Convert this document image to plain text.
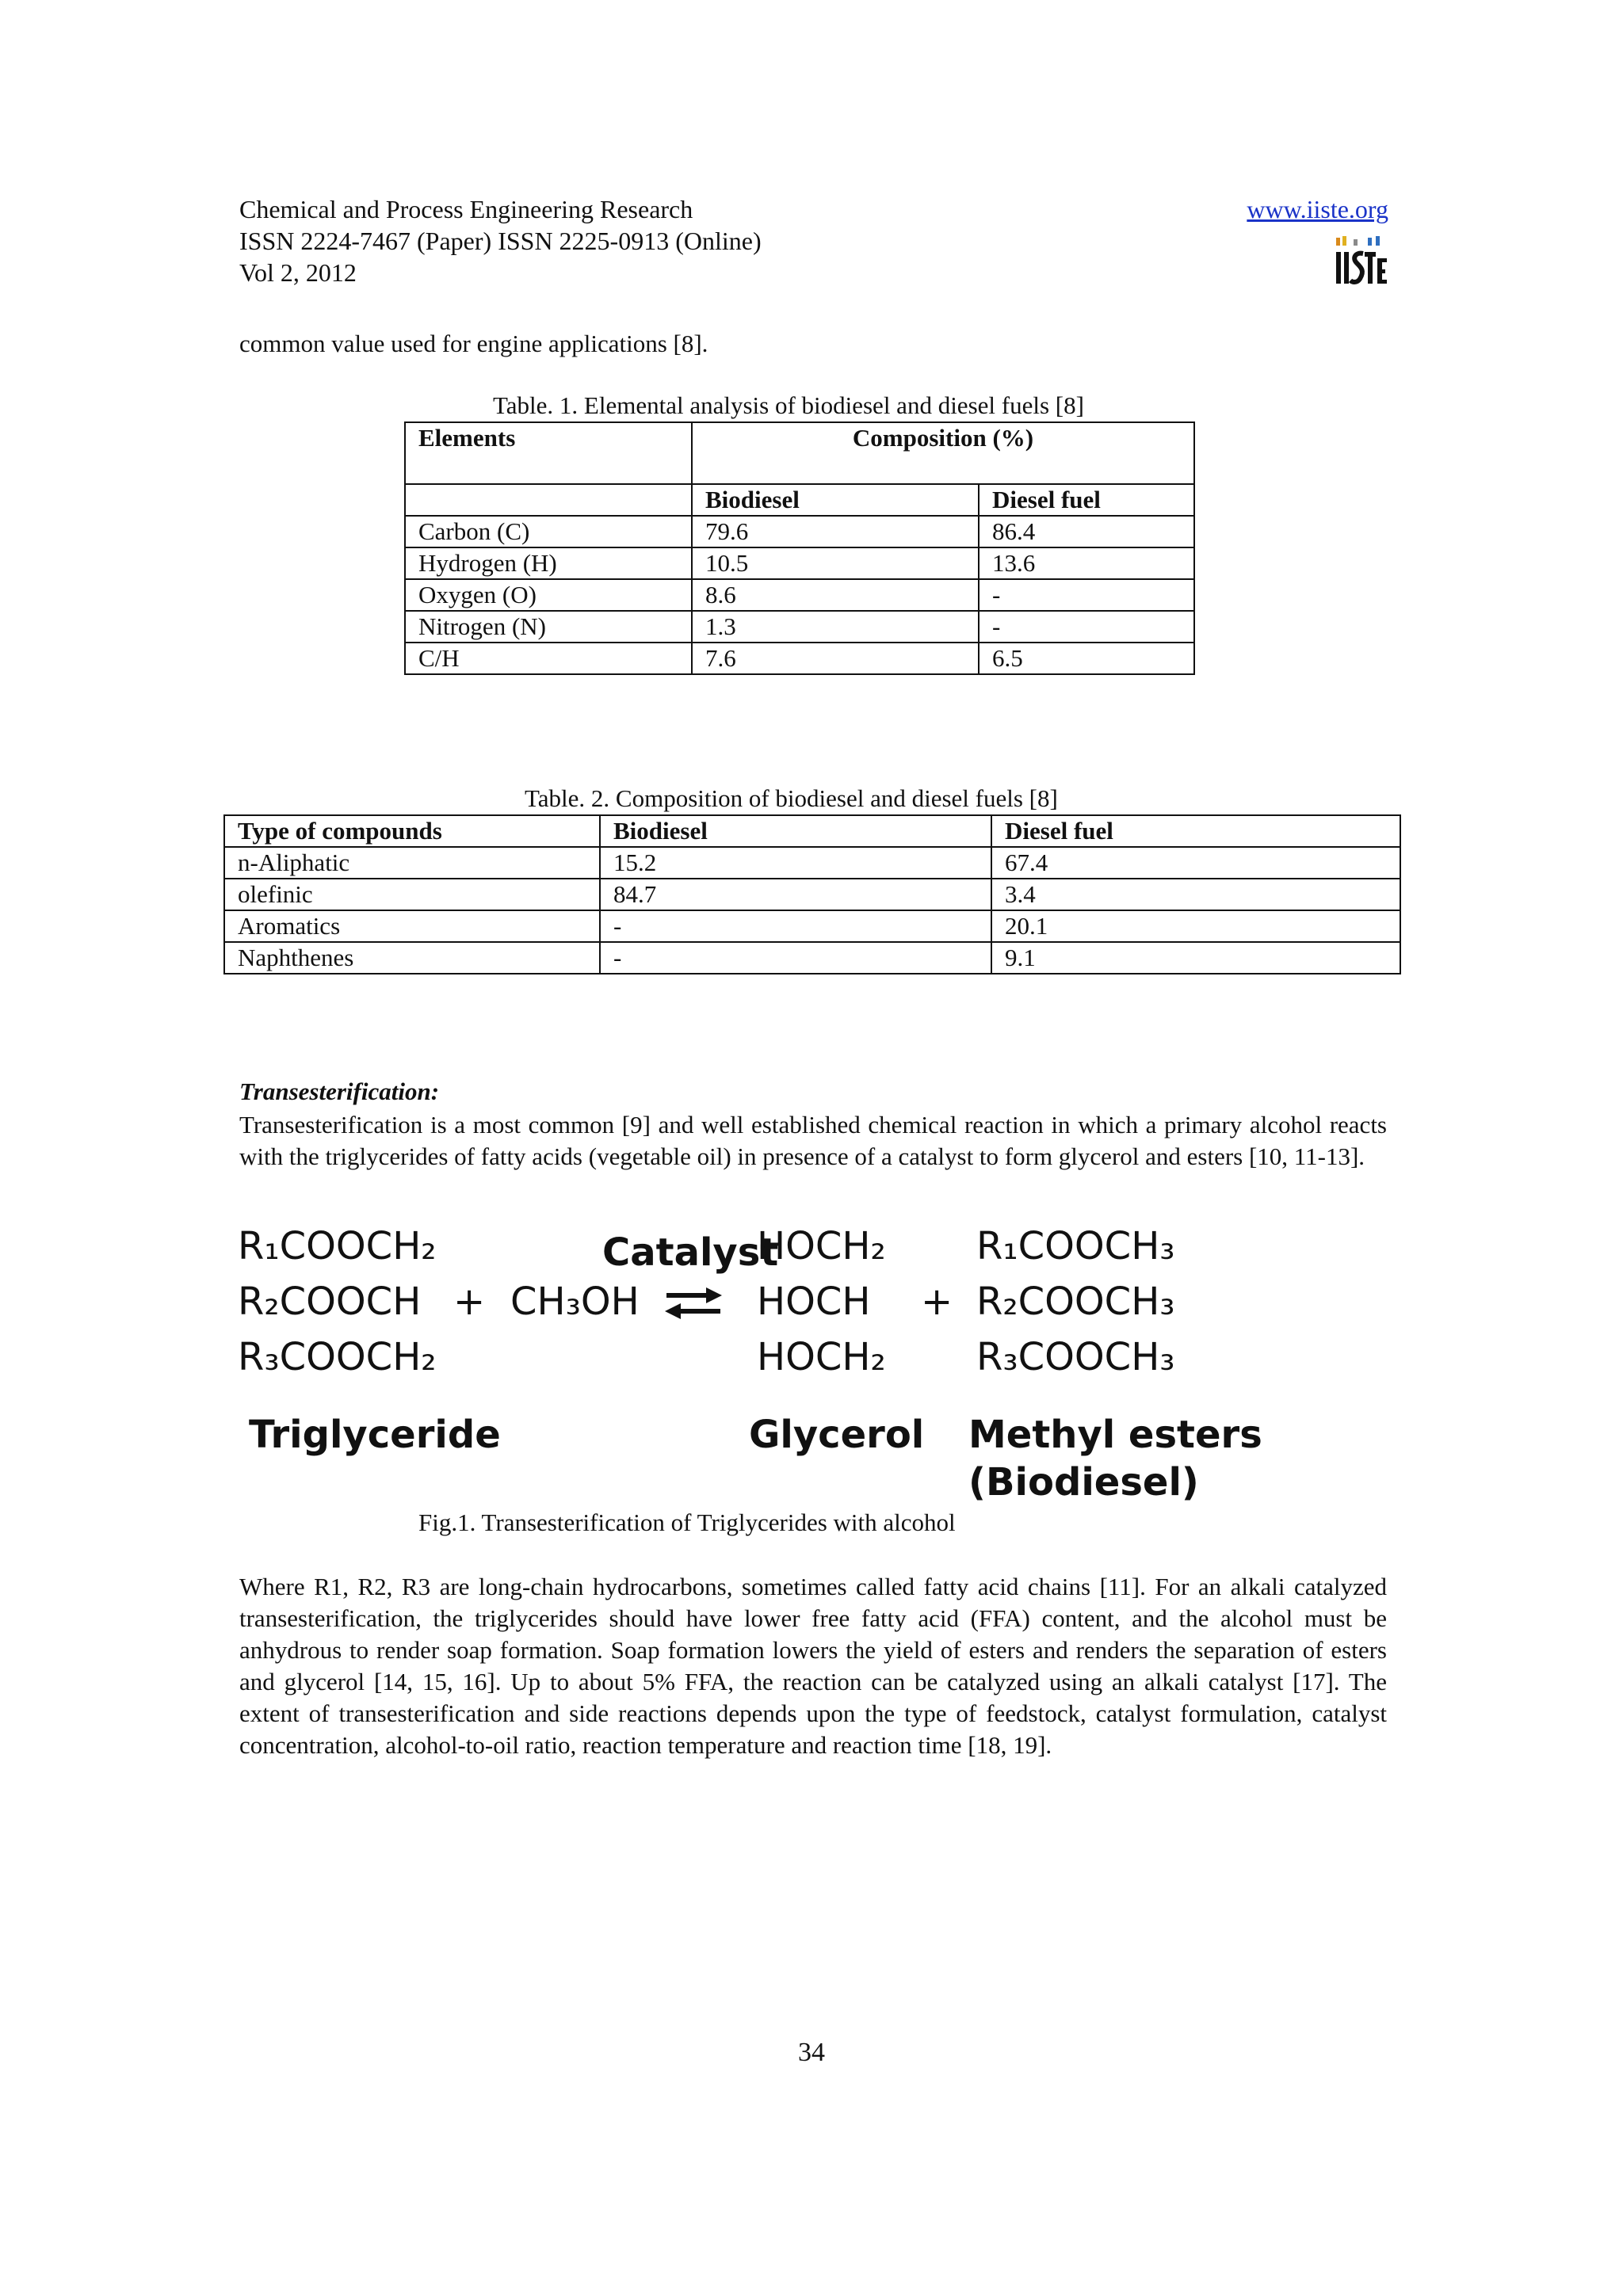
Chemical and Process Engineering Research
ISSN 2224-7467 (Paper) ISSN 2225-0913 (Online)
Vol 2, 2012
www.iiste.org
common value used for engine applications [8].
Table. 1. Elemental analysis of biodiesel and diesel fuels [8]
Elements	Composition (%)	
	Biodiesel	Diesel fuel
Carbon (C)	79.6	86.4
Hydrogen (H)	10.5	13.6
Oxygen (O)	8.6	-
Nitrogen (N)	1.3	-
C/H	7.6	6.5
Table. 2. Composition of biodiesel and diesel fuels [8]
Type of compounds	Biodiesel	Diesel fuel
n-Aliphatic	15.2	67.4
olefinic	84.7	3.4
Aromatics	-	20.1
Naphthenes	-	9.1
Transesterification:
Transesterification is a most common [9] and well established chemical reaction in which a primary alcohol reacts with the triglycerides of fatty acids (vegetable oil) in presence of a catalyst to form glycerol and esters [10, 11-13].
R₁COOCH₂
R₂COOCH
R₃COOCH₂
Triglyceride
+ CH₃OH
Catalyst
HOCH₂
HOCH
HOCH₂
Glycerol
+
R₁COOCH₃
R₂COOCH₃
R₃COOCH₃
Methyl esters
(Biodiesel)
Fig.1. Transesterification of Triglycerides with alcohol
Where R1, R2, R3 are long-chain hydrocarbons, sometimes called fatty acid chains [11]. For an alkali catalyzed transesterification, the triglycerides should have lower free fatty acid (FFA) content, and the alcohol must be anhydrous to render soap formation. Soap formation lowers the yield of esters and renders the separation of esters and glycerol [14, 15, 16]. Up to about 5% FFA, the reaction can be catalyzed using an alkali catalyst [17]. The extent of transesterification and side reactions depends upon the type of feedstock, catalyst formulation, catalyst concentration, alcohol-to-oil ratio, reaction temperature and reaction time [18, 19].
34
